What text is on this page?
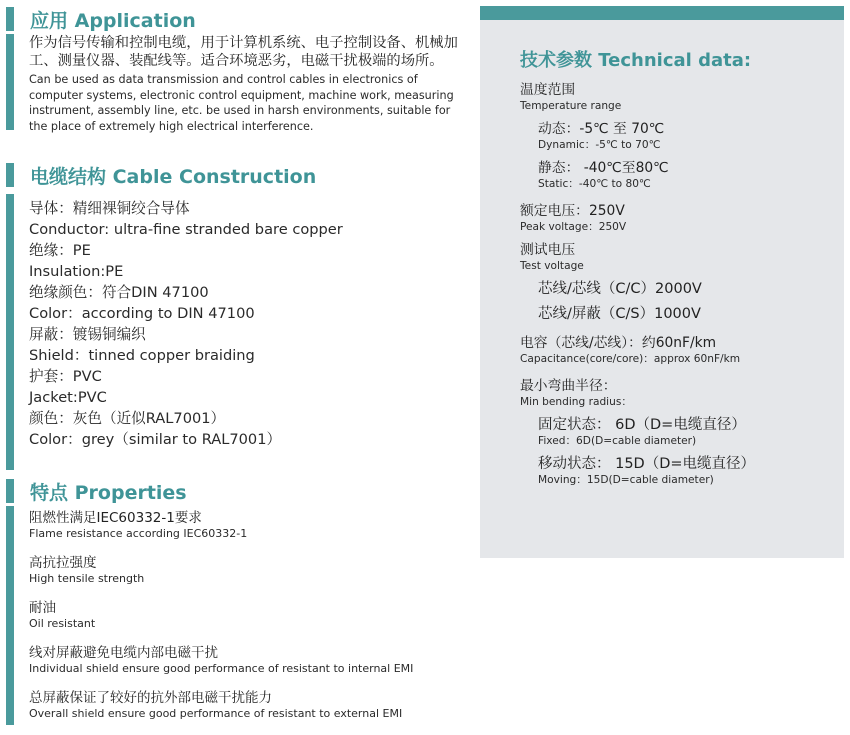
应用 Application

作为信号传输和控制电缆，用于计算机系统、电子控制设备、机械加工、测量仪器、装配线等。适合环境恶劣，电磁干扰极端的场所。

Can be used as data transmission and control cables in electronics of computer systems, electronic control equipment, machine work, measuring instrument, assembly line, etc. be used in harsh environments, suitable for the place of extremely high electrical interference.

电缆结构 Cable Construction
导体：精细裸铜绞合导体
Conductor: ultra-fine stranded bare copper
绝缘：PE
Insulation:PE
绝缘颜色：符合DIN 47100
Color：according to DIN 47100
屏蔽：镀锡铜编织
Shield：tinned copper braiding
护套：PVC
Jacket:PVC
颜色：灰色（近似RAL7001）
Color：grey（similar to RAL7001）
特点 Properties
阻燃性满足IEC60332-1要求
Flame resistance according IEC60332-1
高抗拉强度
High tensile strength
耐油
Oil resistant
线对屏蔽避免电缆内部电磁干扰
Individual shield ensure good performance of resistant to internal EMI
总屏蔽保证了较好的抗外部电磁干扰能力
Overall shield ensure good performance of resistant to external EMI
技术参数 Technical data:
温度范围
Temperature range
动态：-5℃ 至 70℃
Dynamic：-5℃ to 70℃
静态： -40℃至80℃
Static：-40℃ to 80℃
额定电压：250V
Peak voltage：250V
测试电压
Test voltage
芯线/芯线（C/C）2000V
芯线/屏蔽（C/S）1000V
电容（芯线/芯线）：约60nF/km
Capacitance(core/core)：approx 60nF/km
最小弯曲半径：
Min bending radius：
固定状态： 6D（D=电缆直径）
Fixed：6D(D=cable diameter)
移动状态： 15D（D=电缆直径）
Moving：15D(D=cable diameter)
